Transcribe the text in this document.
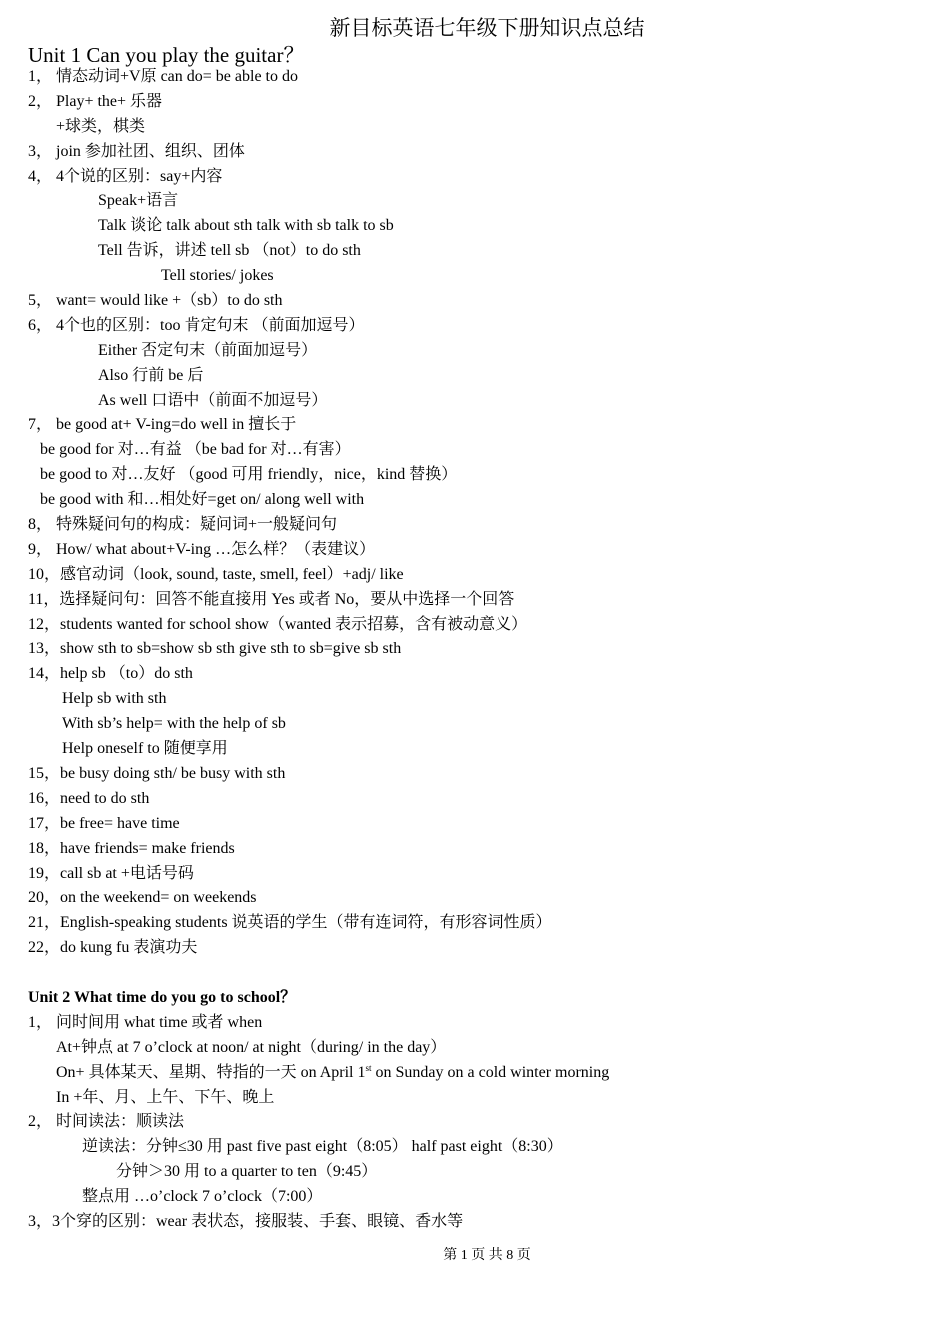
新目标英语七年级下册知识点总结
Unit 1 Can you play the guitar？
1， 情态动词+V原 can do= be able to do
2， Play+ the+ 乐器
+球类，棋类
3， join 参加社团、组织、团体
4， 4个说的区别：say+内容
Speak+语言
Talk 谈论 talk about sth talk with sb talk to sb
Tell 告诉，讲述 tell sb （not）to do sth
Tell stories/ jokes
5， want= would like +（sb）to do sth
6， 4个也的区别：too 肯定句末 （前面加逗号）
Either 否定句末（前面加逗号）
Also 行前 be 后
As well 口语中（前面不加逗号）
7， be good at+ V-ing=do well in 擅长于
be good for 对…有益 （be bad for 对…有害）
be good to 对…友好 （good 可用 friendly，nice，kind 替换）
be good with 和…相处好=get on/ along well with
8， 特殊疑问句的构成：疑问词+一般疑问句
9， How/ what about+V-ing …怎么样？（表建议）
10，感官动词（look, sound, taste, smell, feel）+adj/ like
11，选择疑问句：回答不能直接用 Yes 或者 No，要从中选择一个回答
12，students wanted for school show（wanted 表示招募，含有被动意义）
13，show sth to sb=show sb sth give sth to sb=give sb sth
14，help sb （to）do sth
Help sb with sth
With sb’s help= with the help of sb
Help oneself to 随便享用
15，be busy doing sth/ be busy with sth
16，need to do sth
17，be free= have time
18，have friends= make friends
19，call sb at +电话号码
20，on the weekend= on weekends
21，English-speaking students 说英语的学生（带有连词符，有形容词性质）
22，do kung fu 表演功夫
Unit 2 What time do you go to school？
1， 问时间用 what time 或者 when
At+钟点 at 7 o’clock at noon/ at night（during/ in the day）
On+ 具体某天、星期、特指的一天 on April 1st on Sunday on a cold winter morning
In +年、月、上午、下午、晚上
2， 时间读法：顺读法
逆读法：分钟≤30 用 past five past eight（8:05） half past eight（8:30）
分钟＞30 用 to a quarter to ten（9:45）
整点用 …o’clock 7 o’clock（7:00）
3，3个穿的区别：wear 表状态，接服装、手套、眼镜、香水等
第 1 页 共 8 页
